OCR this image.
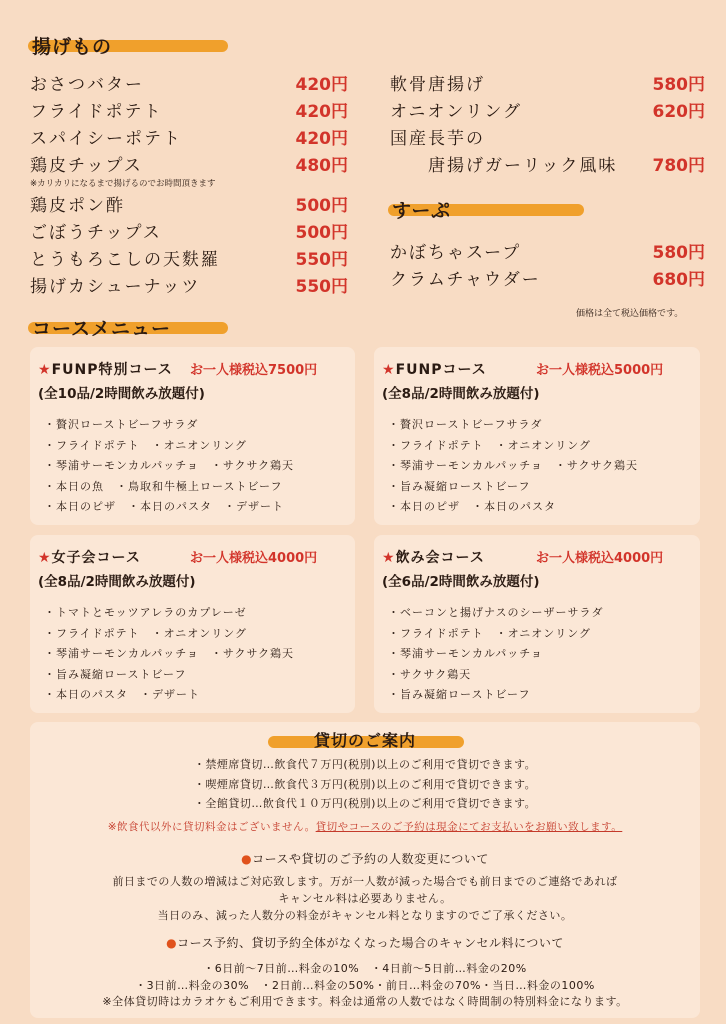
揚げもの
おさつバター	420円
フライドポテト	420円
スパイシーポテト	420円
鶏皮チップス	480円
鶏皮ポン酢	500円
ごぼうチップス	500円
とうもろこしの天麩羅	550円
揚げカシューナッツ	550円
軟骨唐揚げ	580円
オニオンリング	620円
国産長芋の
唐揚げガーリック風味	780円
※カリカリになるまで揚げるのでお時間頂きます
すーぷ
かぼちゃスープ	580円
クラムチャウダー	680円
価格は全て税込価格です。
コースメニュー
★FUNP特別コース お一人様税込7500円
(全10品/2時間飲み放題付)
・贅沢ローストビーフサラダ
・フライドポテト　・オニオンリング
・琴浦サーモンカルパッチョ　・サクサク鶏天
・本日の魚　・鳥取和牛極上ローストビーフ
・本日のピザ　・本日のパスタ　・デザート
★FUNPコース	お一人様税込5000円
(全8品/2時間飲み放題付)
・贅沢ローストビーフサラダ
・フライドポテト　・オニオンリング
・琴浦サーモンカルパッチョ　・サクサク鶏天
・旨み凝縮ローストビーフ
・本日のピザ　・本日のパスタ
★女子会コース	お一人様税込4000円
(全8品/2時間飲み放題付)
・トマトとモッツアレラのカプレーゼ
・フライドポテト　・オニオンリング
・琴浦サーモンカルパッチョ　・サクサク鶏天
・旨み凝縮ローストビーフ
・本日のパスタ　・デザート
★飲み会コース	お一人様税込4000円
(全6品/2時間飲み放題付)
・ベーコンと揚げナスのシーザーサラダ
・フライドポテト　・オニオンリング
・琴浦サーモンカルパッチョ
・サクサク鶏天
・旨み凝縮ローストビーフ
貸切のご案内
・禁煙席貸切…飲食代７万円(税別)以上のご利用で貸切できます。
・喫煙席貸切…飲食代３万円(税別)以上のご利用で貸切できます。
・全館貸切…飲食代１０万円(税別)以上のご利用で貸切できます。
※飲食代以外に貸切料金はございません。貸切やコースのご予約は現金にてお支払いをお願い致します。
●コースや貸切のご予約の人数変更について
前日までの人数の増減はご対応致します。万が一人数が減った場合でも前日までのご連絡であれば
キャンセル料は必要ありません。
当日のみ、減った人数分の料金がキャンセル料となりますのでご了承ください。
●コース予約、貸切予約全体がなくなった場合のキャンセル料について
・6日前～7日前…料金の10%　・4日前～5日前…料金の20%
・3日前…料金の30%　・2日前…料金の50%・前日…料金の70%・当日…料金の100%
※全体貸切時はカラオケもご利用できます。料金は通常の人数ではなく時間制の特別料金になります。
